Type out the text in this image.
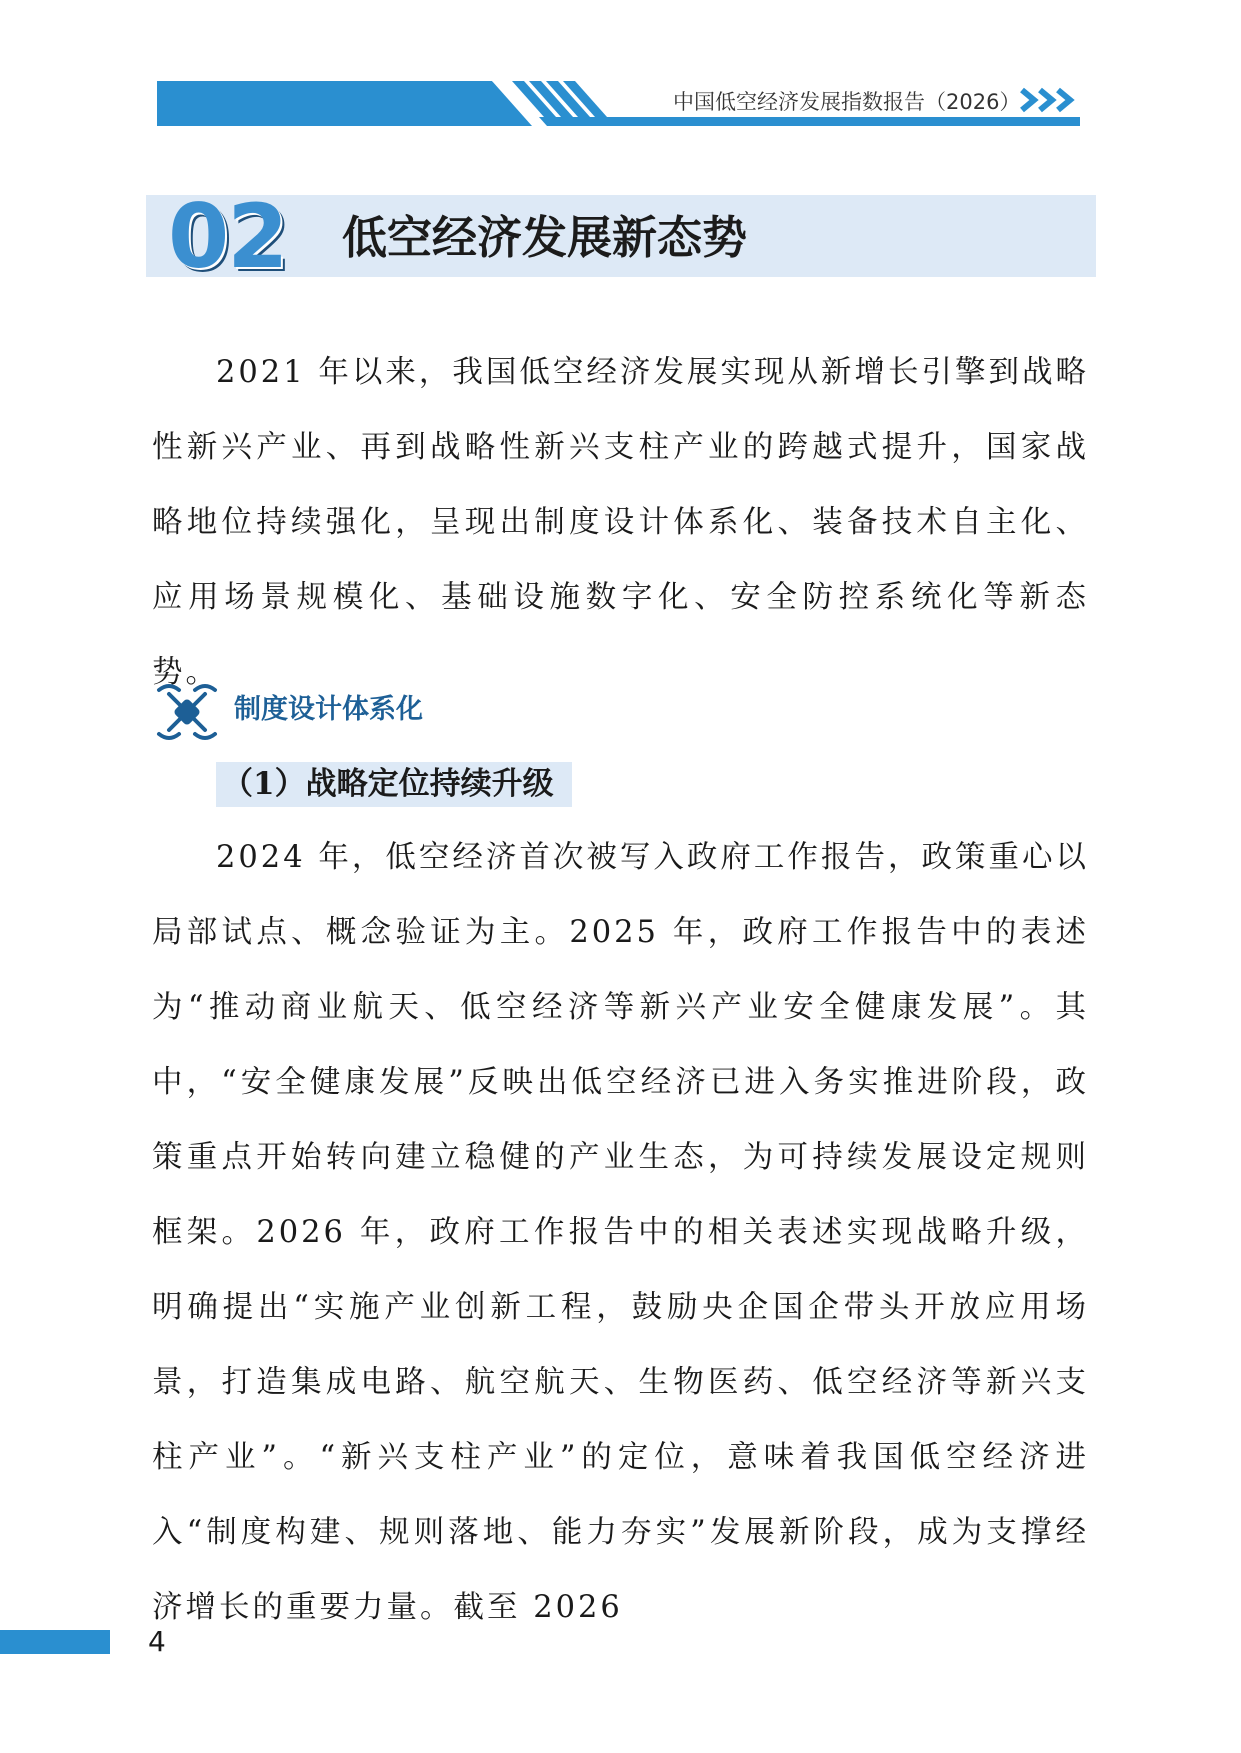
中国低空经济发展指数报告（2026）
02 低空经济发展新态势

2021 年以来，我国低空经济发展实现从新增长引擎到战略性新兴产业、再到战略性新兴支柱产业的跨越式提升，国家战略地位持续强化，呈现出制度设计体系化、装备技术自主化、应用场景规模化、基础设施数字化、安全防控系统化等新态势。

制度设计体系化
（1）战略定位持续升级

2024 年，低空经济首次被写入政府工作报告，政策重心以局部试点、概念验证为主。2025 年，政府工作报告中的表述为“推动商业航天、低空经济等新兴产业安全健康发展”。其中，“安全健康发展”反映出低空经济已进入务实推进阶段，政策重点开始转向建立稳健的产业生态，为可持续发展设定规则框架。2026 年，政府工作报告中的相关表述实现战略升级，明确提出“实施产业创新工程，鼓励央企国企带头开放应用场景，打造集成电路、航空航天、生物医药、低空经济等新兴支柱产业”。“新兴支柱产业”的定位，意味着我国低空经济进入“制度构建、规则落地、能力夯实”发展新阶段，成为支撑经济增长的重要力量。截至 2026

4
